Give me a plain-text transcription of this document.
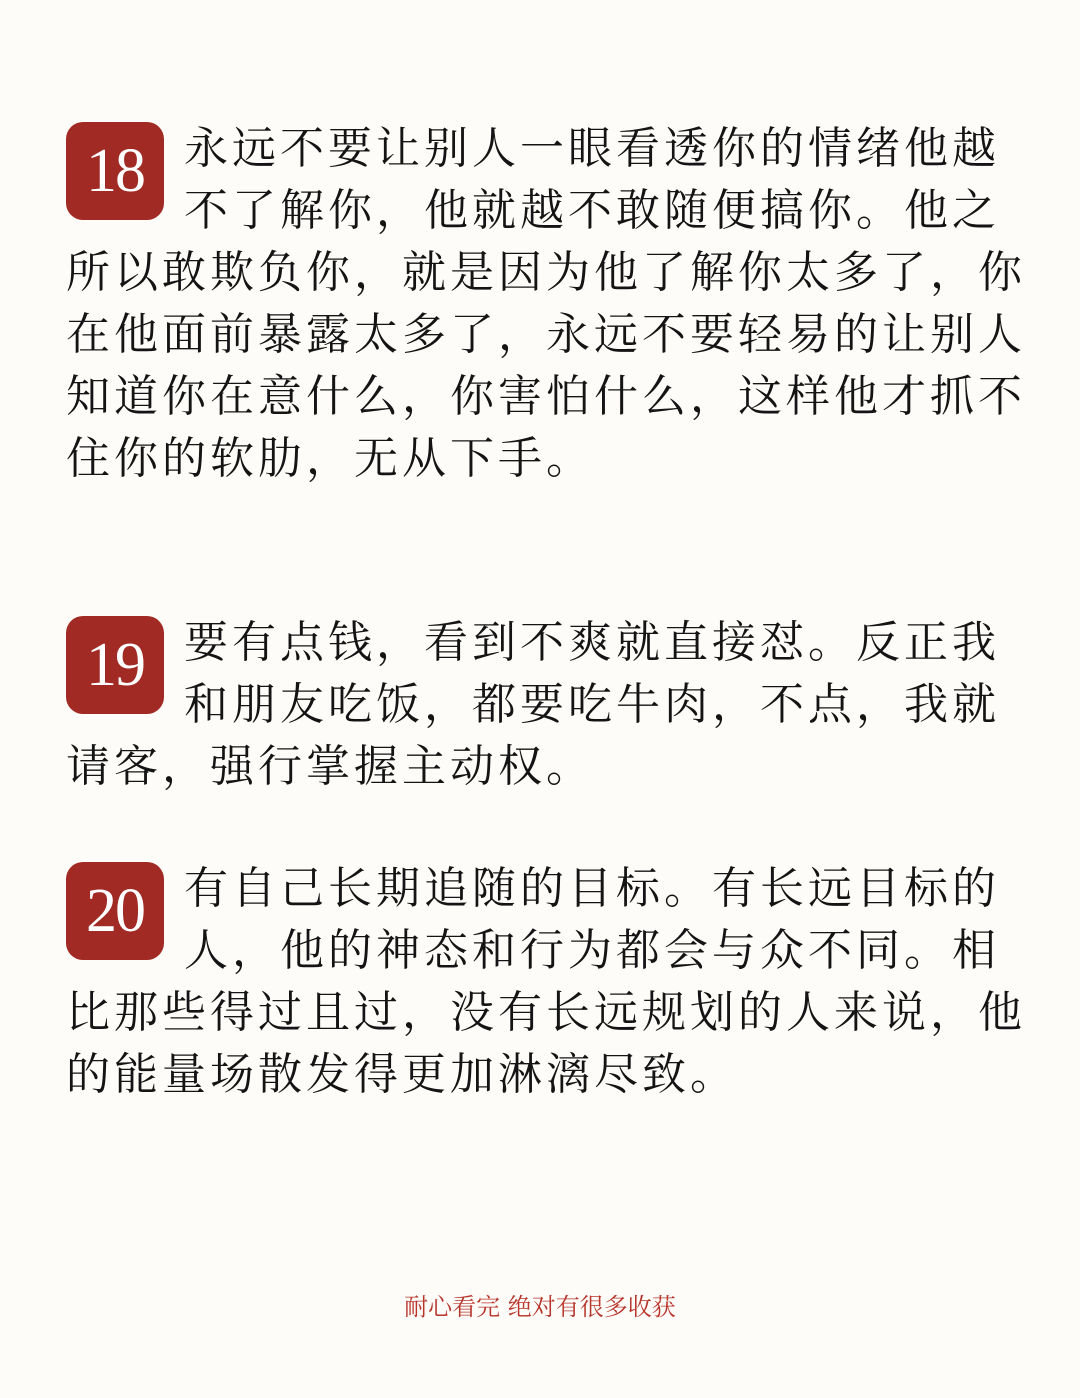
18 永远不要让别人一眼看透你的情绪他越不了解你，他就越不敢随便搞你。他之所以敢欺负你，就是因为他了解你太多了，你在他面前暴露太多了，永远不要轻易的让别人知道你在意什么，你害怕什么，这样他才抓不住你的软肋，无从下手。

19 要有点钱，看到不爽就直接怼。反正我和朋友吃饭，都要吃牛肉，不点，我就请客，强行掌握主动权。

20 有自己长期追随的目标。有长远目标的人，他的神态和行为都会与众不同。相比那些得过且过，没有长远规划的人来说，他的能量场散发得更加淋漓尽致。

耐心看完 绝对有很多收获
